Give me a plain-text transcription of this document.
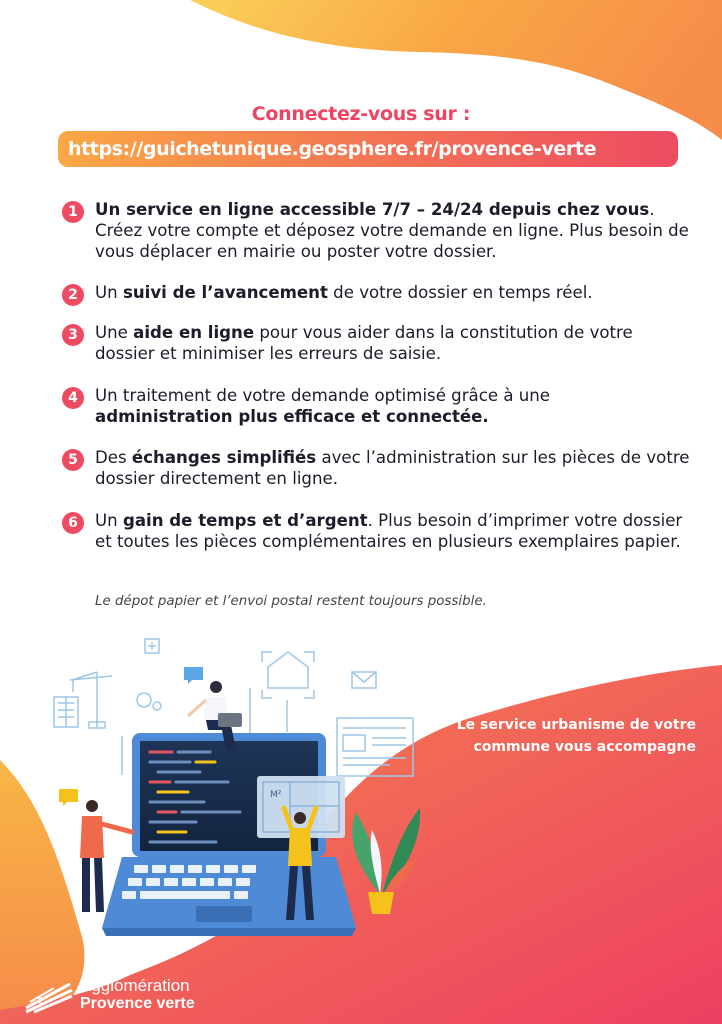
M²
Connectez-vous sur :
https://guichetunique.geosphere.fr/provence-verte
1	Un service en ligne accessible 7/7 – 24/24 depuis chez vous. Créez votre compte et déposez votre demande en ligne. Plus besoin de vous déplacer en mairie ou poster votre dossier.
2	Un suivi de l’avancement de votre dossier en temps réel.
3	Une aide en ligne pour vous aider dans la constitution de votre dossier et minimiser les erreurs de saisie.
4	Un traitement de votre demande optimisé grâce à une administration plus efficace et connectée.
5	Des échanges simplifiés avec l’administration sur les pièces de votre dossier directement en ligne.
6	Un gain de temps et d’argent. Plus besoin d’imprimer votre dossier et toutes les pièces complémentaires en plusieurs exemplaires papier.
Le dépot papier et l’envoi postal restent toujours possible.
Le service urbanisme de votre
commune vous accompagne
Agglomération
Provence verte
